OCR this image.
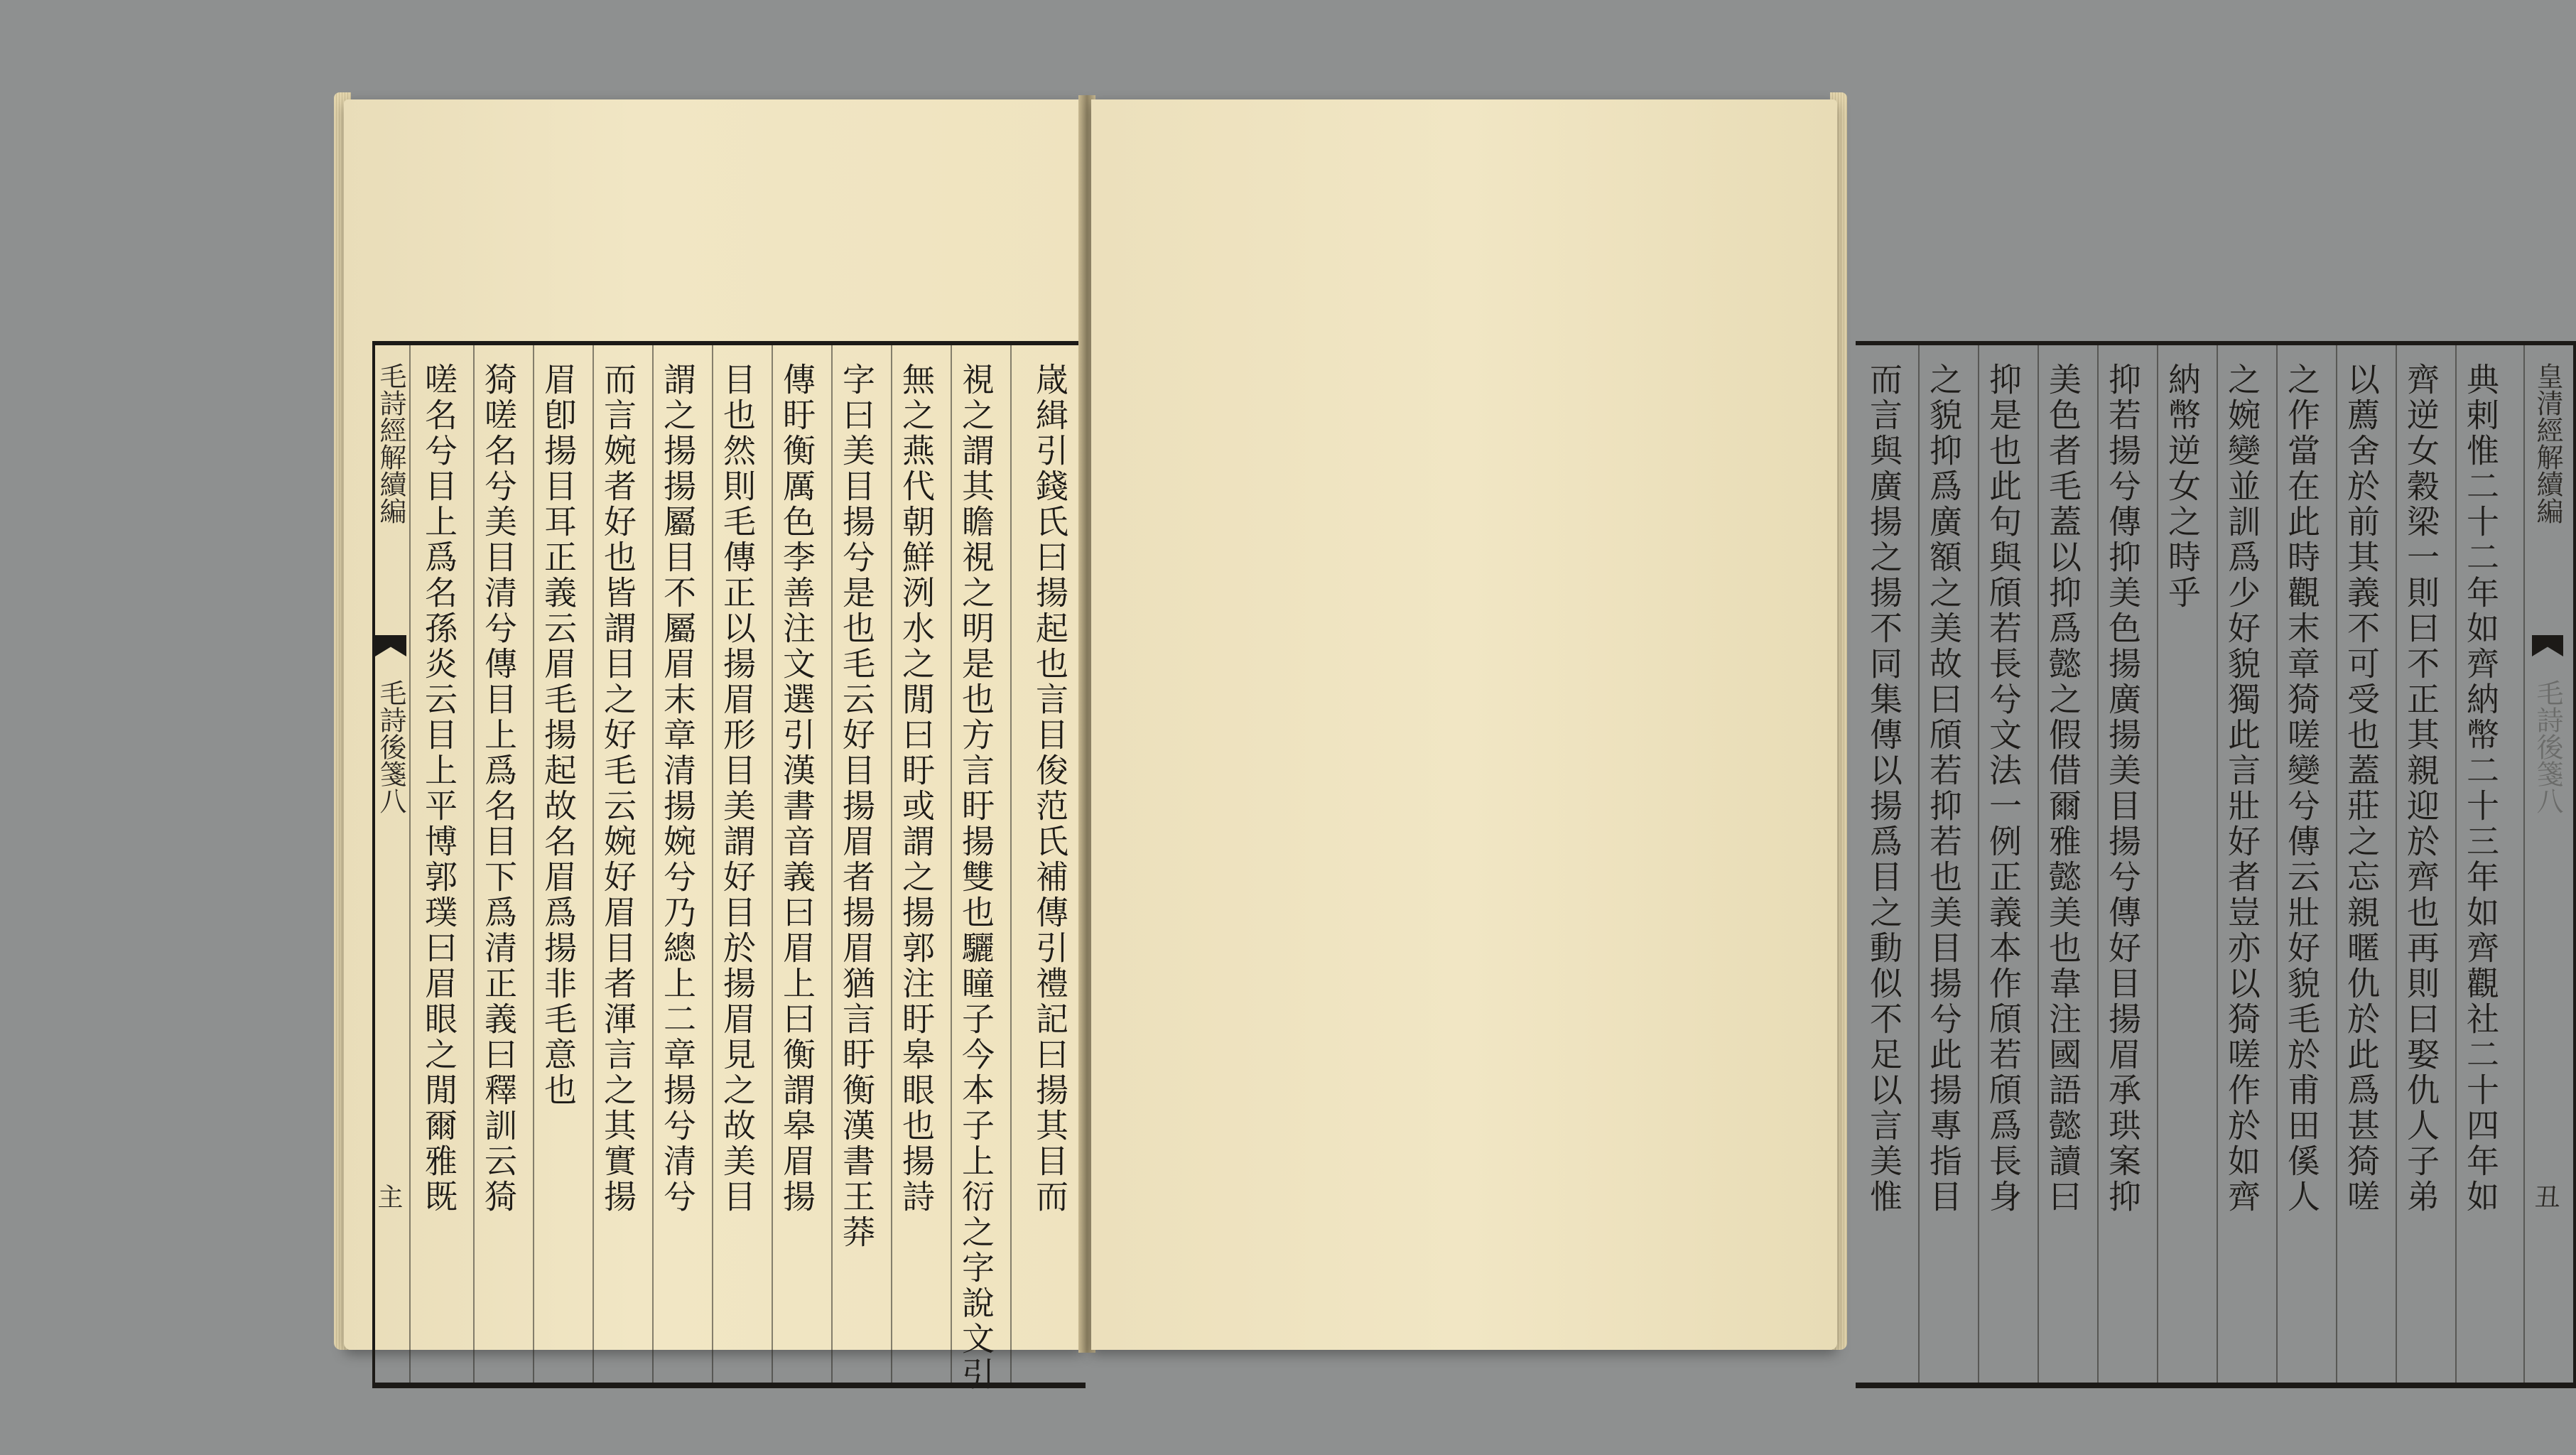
毛詩經解續編
毛詩後箋八
主 嗟名兮目上爲名孫炎云目上平博郭璞曰眉眼之閒爾雅既 猗嗟名兮美目清兮傳目上爲名目下爲清正義曰釋訓云猗 眉卽揚目耳正義云眉毛揚起故名眉爲揚非毛意也 而言婉者好也皆謂目之好毛云婉好眉目者渾言之其實揚 謂之揚揚屬目不屬眉末章清揚婉兮乃總上二章揚兮清兮 目也然則毛傳正以揚眉形目美謂好目於揚眉見之故美目 傳盱衡厲色李善注文選引漢書音義曰眉上曰衡謂皋眉揚 字曰美目揚兮是也毛云好目揚眉者揚眉猶言盱衡漢書王莽 無之燕代朝鮮洌水之閒曰盱或謂之揚郭注盱皋眼也揚詩 視之謂其瞻視之明是也方言盱揚雙也驪瞳子今本子上衍之字說文引	嵅緝引錢氏曰揚起也言目俊范氏補傳引禮記曰揚其目而	而言與廣揚之揚不同集傳以揚爲目之動似不足以言美惟 之貌抑爲廣額之美故曰頎若抑若也美目揚兮此揚專指目 抑是也此句與頎若長兮文法一例正義本作頎若頎爲長身 美色者毛蓋以抑爲懿之假借爾雅懿美也韋注國語懿讀曰 抑若揚兮傳抑美色揚廣揚美目揚兮傳好目揚眉承珙案抑 納幣逆女之時乎 之婉變並訓爲少好貌獨此言壯好者豈亦以猗嗟作於如齊 之作當在此時觀末章猗嗟變兮傳云壯好貌毛於甫田傒人 以薦舍於前其義不可受也蓋莊之忘親暱仇於此爲甚猗嗟 齊逆女穀梁一則曰不正其親迎於齊也再則曰娶仇人子弟 典剌惟二十二年如齊納幣二十三年如齊觀社二十四年如 皇清經解續編
毛詩後箋八
丑
